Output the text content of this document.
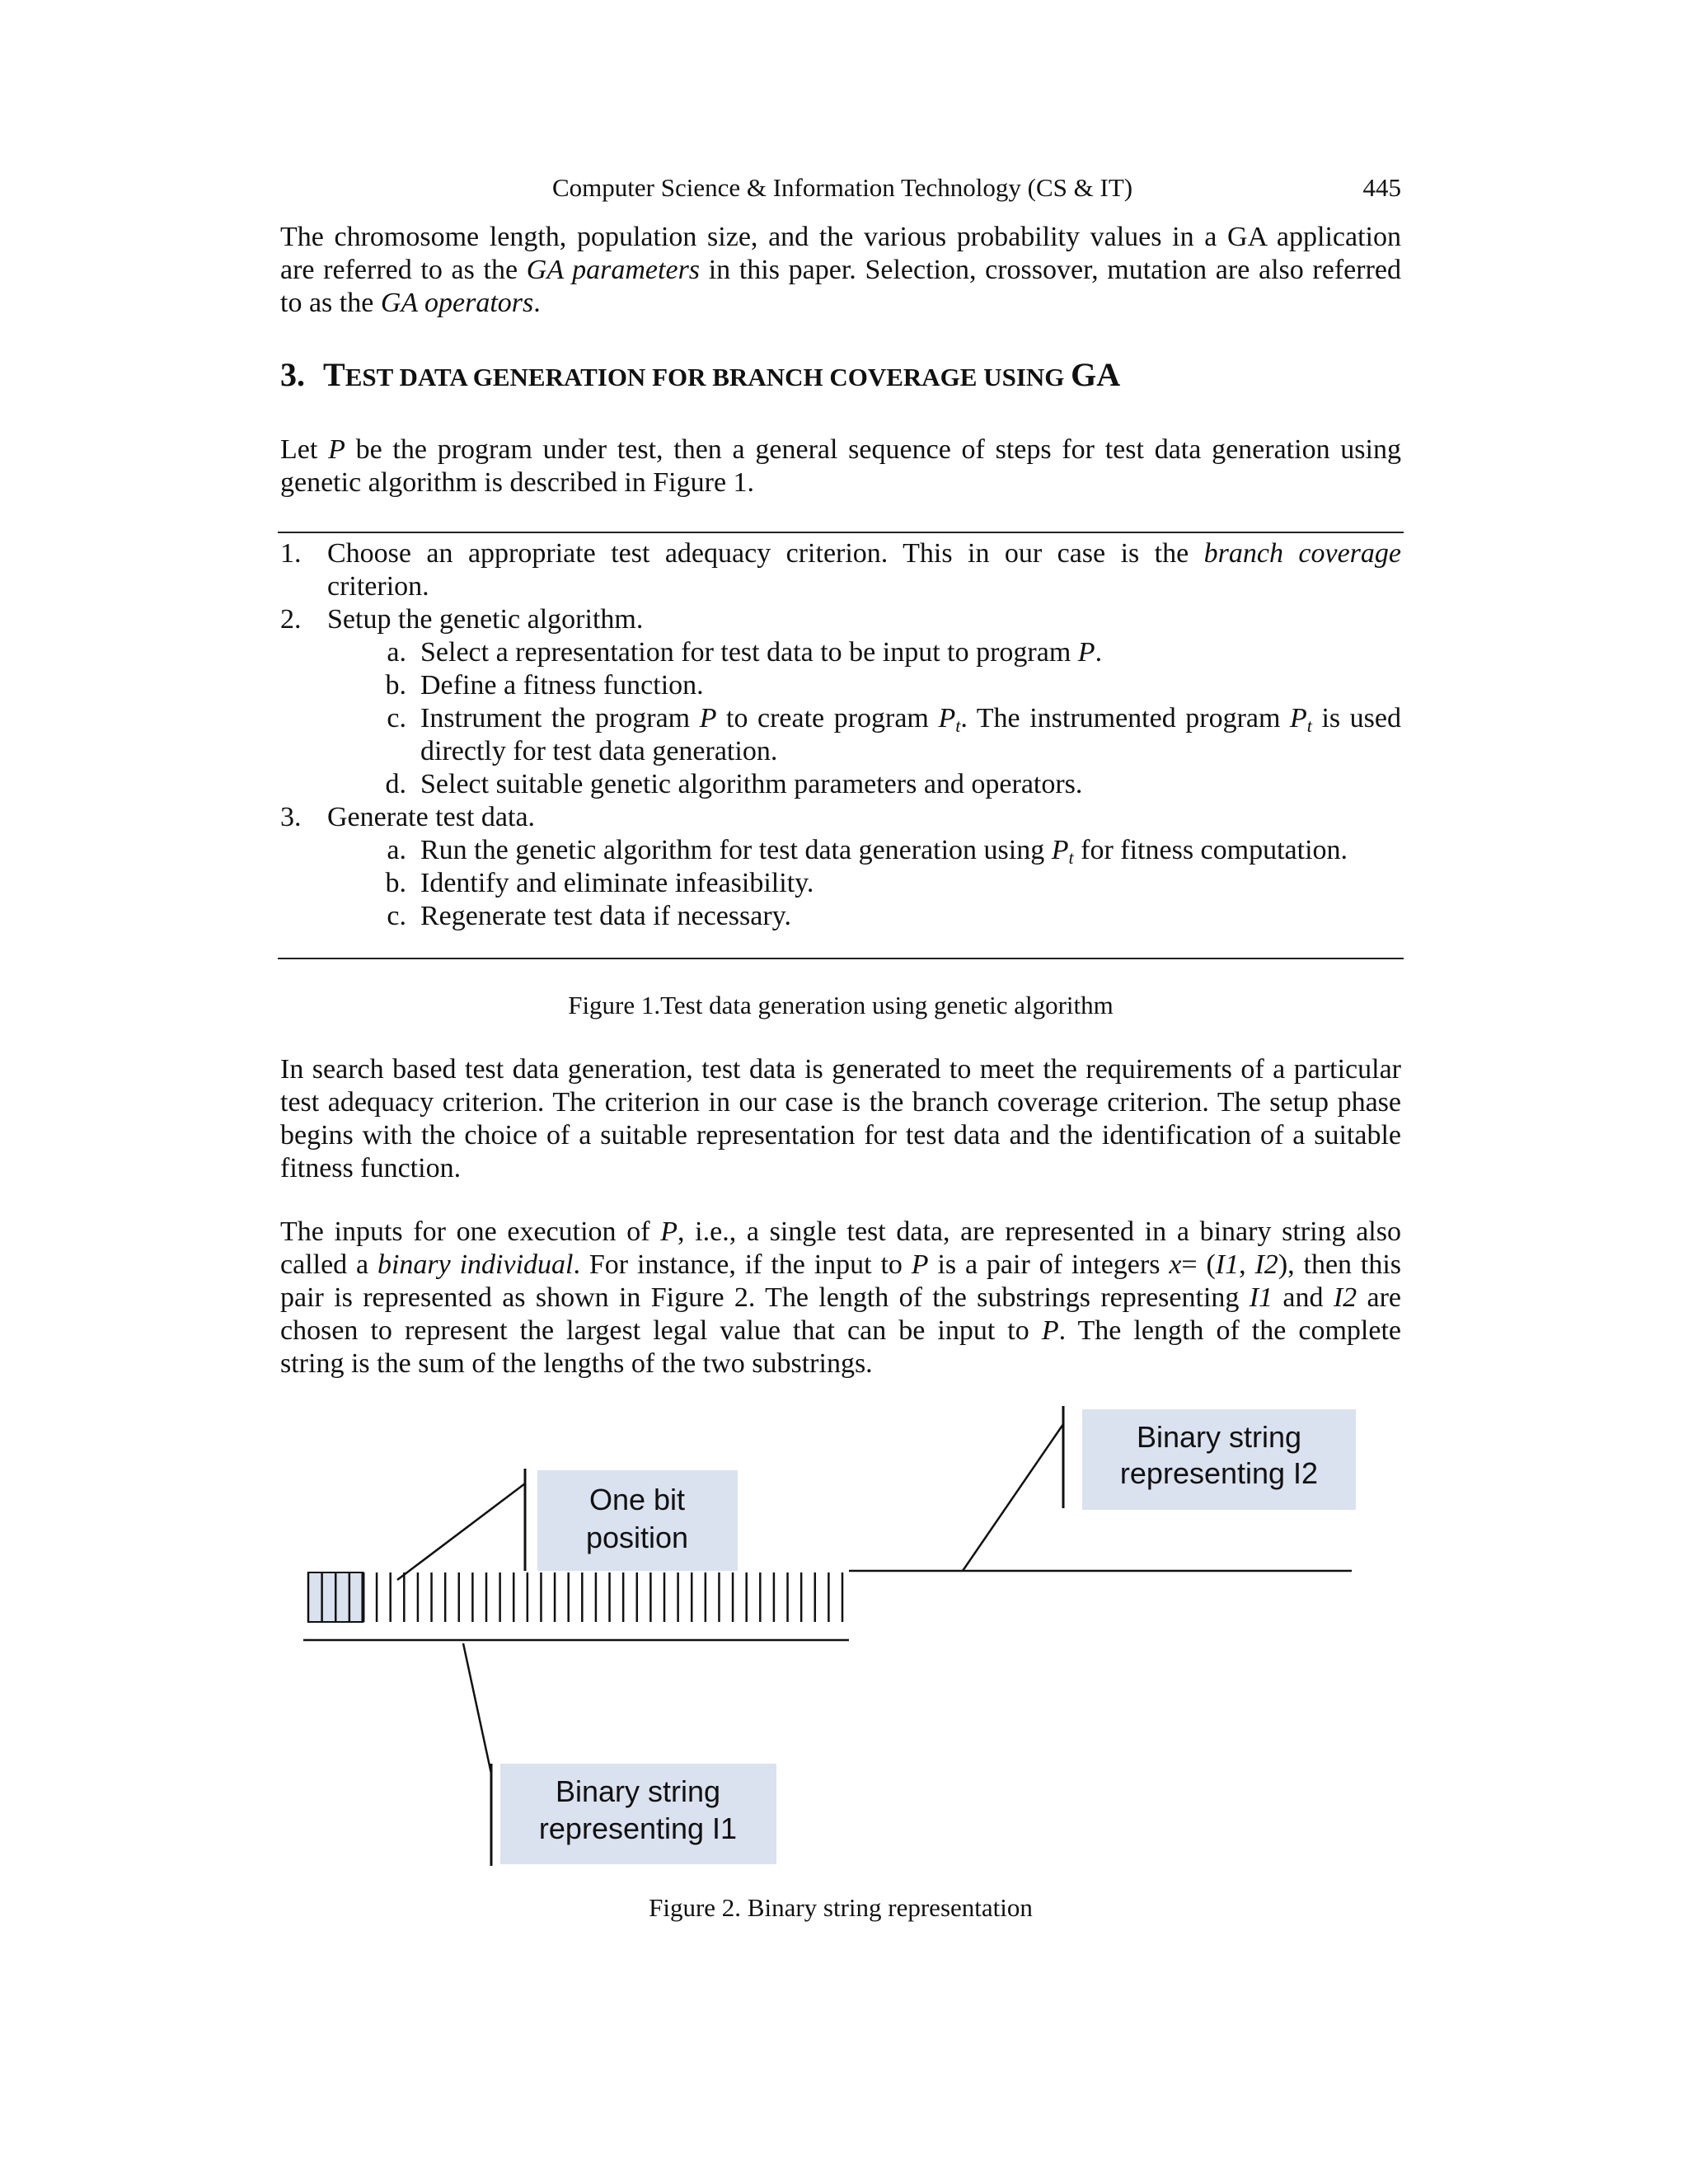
Computer Science & Information Technology (CS & IT)	445

The chromosome length, population size, and the various probability values in a GA application
are referred to as the GA parameters in this paper. Selection, crossover, mutation are also referred
to as the GA operators.

3. TEST DATA GENERATION FOR BRANCH COVERAGE USING GA

Let P be the program under test, then a general sequence of steps for test data generation using
genetic algorithm is described in Figure 1.

1. Choose an appropriate test adequacy criterion. This in our case is the branch coverage
criterion.
2. Setup the genetic algorithm.
a. Select a representation for test data to be input to program P.
b. Define a fitness function.
c. Instrument the program P to create program $P_t$. The instrumented program $P_t$ is used
directly for test data generation.
d. Select suitable genetic algorithm parameters and operators.
3. Generate test data.
a. Run the genetic algorithm for test data generation using $P_t$ for fitness computation.
b. Identify and eliminate infeasibility.
c. Regenerate test data if necessary.
Figure 1.Test data generation using genetic algorithm

In search based test data generation, test data is generated to meet the requirements of a particular
test adequacy criterion. The criterion in our case is the branch coverage criterion. The setup phase
begins with the choice of a suitable representation for test data and the identification of a suitable
fitness function.

The inputs for one execution of P, i.e., a single test data, are represented in a binary string also
called a binary individual. For instance, if the input to P is a pair of integers x= (I1, I2), then this
pair is represented as shown in Figure 2. The length of the substrings representing I1 and I2 are
chosen to represent the largest legal value that can be input to P. The length of the complete
string is the sum of the lengths of the two substrings.

Binary string
representing I2
One bit
position
Binary string
representing I1
Figure 2. Binary string representation
